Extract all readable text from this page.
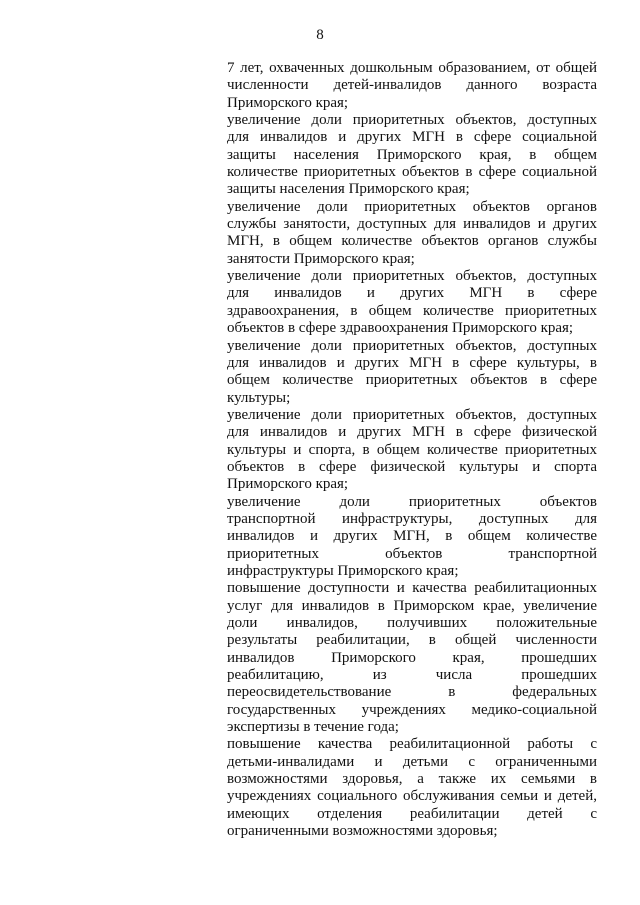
8
7 лет, охваченных дошкольным образованием, от общей
численности детей-инвалидов данного возраста
Приморского края;
увеличение доли приоритетных объектов, доступных
для инвалидов и других МГН в сфере социальной
защиты населения Приморского края, в общем
количестве приоритетных объектов в сфере социальной
защиты населения Приморского края;
увеличение доли приоритетных объектов органов
службы занятости, доступных для инвалидов и других
МГН, в общем количестве объектов органов службы
занятости Приморского края;
увеличение доли приоритетных объектов, доступных
для инвалидов и других МГН в сфере
здравоохранения, в общем количестве приоритетных
объектов в сфере здравоохранения Приморского края;
увеличение доли приоритетных объектов, доступных
для инвалидов и других МГН в сфере культуры, в
общем количестве приоритетных объектов в сфере
культуры;
увеличение доли приоритетных объектов, доступных
для инвалидов и других МГН в сфере физической
культуры и спорта, в общем количестве приоритетных
объектов в сфере физической культуры и спорта
Приморского края;
увеличение доли приоритетных объектов
транспортной инфраструктуры, доступных для
инвалидов и других МГН, в общем количестве
приоритетных объектов транспортной
инфраструктуры Приморского края;
повышение доступности и качества реабилитационных
услуг для инвалидов в Приморском крае, увеличение
доли инвалидов, получивших положительные
результаты реабилитации, в общей численности
инвалидов Приморского края, прошедших
реабилитацию, из числа прошедших
переосвидетельствование в федеральных
государственных учреждениях медико-социальной
экспертизы в течение года;
повышение качества реабилитационной работы с
детьми-инвалидами и детьми с ограниченными
возможностями здоровья, а также их семьями в
учреждениях социального обслуживания семьи и детей,
имеющих отделения реабилитации детей с
ограниченными возможностями здоровья;
